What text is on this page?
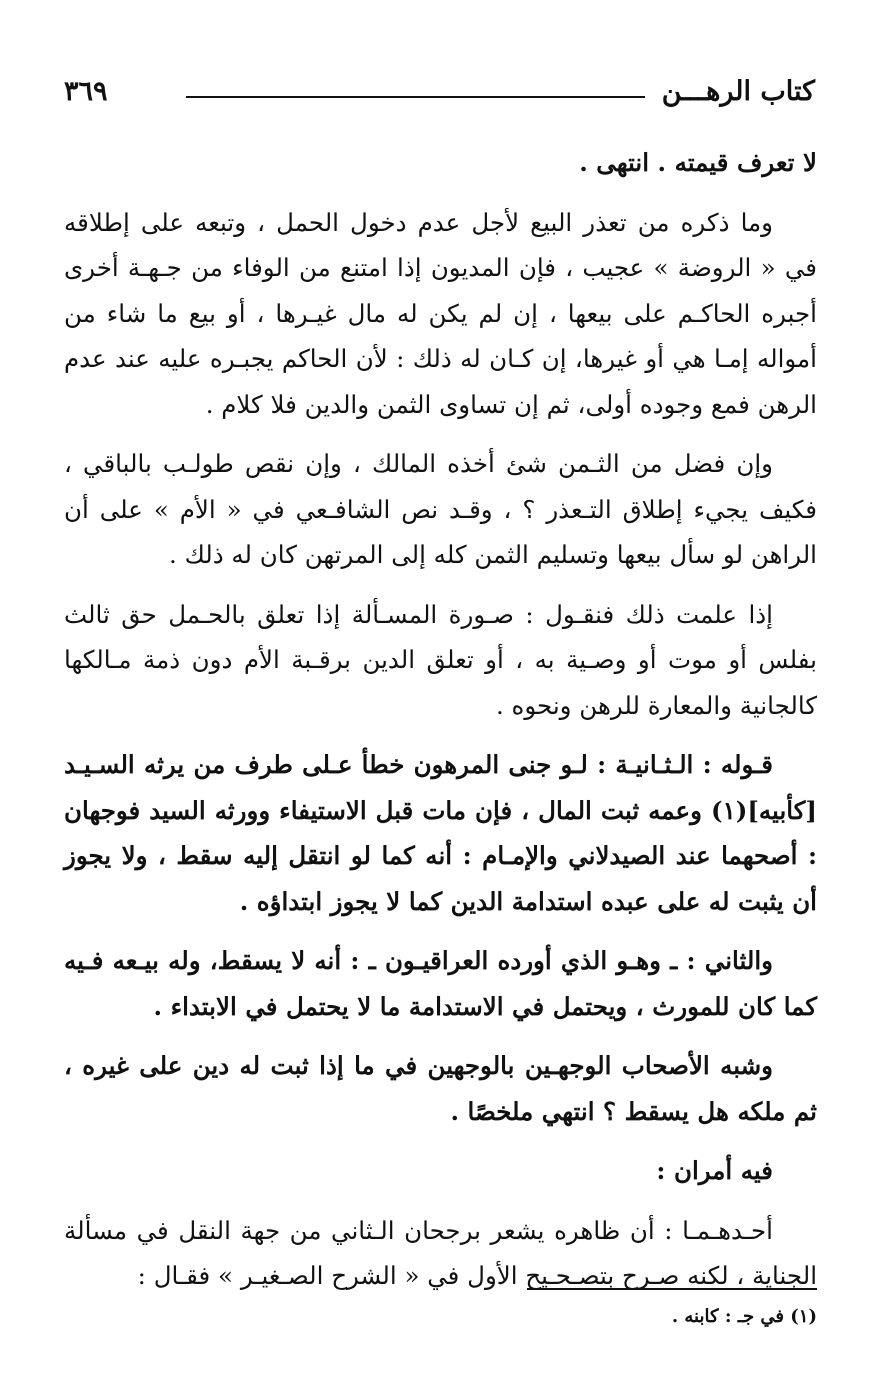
كتاب الرهـــن
٣٦٩

لا تعرف قيمته . انتهى .

وما ذكره من تعذر البيع لأجل عدم دخول الحمل ، وتبعه على إطلاقه في « الروضة » عجيب ، فإن المديون إذا امتنع من الوفاء من جـهـة أخرى أجبره الحاكـم على بيعها ، إن لم يكن له مال غيـرها ، أو بيع ما شاء من أمواله إمـا هي أو غيرها، إن كـان له ذلك : لأن الحاكم يجبـره عليه عند عدم الرهن فمع وجوده أولى، ثم إن تساوى الثمن والدين فلا كلام .

وإن فضل من الثـمن شئ أخذه المالك ، وإن نقص طولـب بالباقي ، فكيف يجيء إطلاق التـعذر ؟ ، وقـد نص الشافـعي في « الأم » على أن الراهن لو سأل بيعها وتسليم الثمن كله إلى المرتهن كان له ذلك .

إذا علمت ذلك فنقـول : صـورة المسـألة إذا تعلق بالحـمل حق ثالث بفلس أو موت أو وصـية به ، أو تعلق الدين برقـبة الأم دون ذمة مـالكها كالجانية والمعارة للرهن ونحوه .

قـوله : الـثـانيـة : لـو جنى المرهون خطأ عـلى طرف من يرثه السـيـد [كأبيه](١) وعمه ثبت المال ، فإن مات قبل الاستيفاء وورثه السيد فوجهان : أصحهما عند الصيدلاني والإمـام : أنه كما لو انتقل إليه سقط ، ولا يجوز أن يثبت له على عبده استدامة الدين كما لا يجوز ابتداؤه .

والثاني : ـ وهـو الذي أورده العراقيـون ـ : أنه لا يسقط، وله بيـعه فـيه كما كان للمورث ، ويحتمل في الاستدامة ما لا يحتمل في الابتداء .

وشبه الأصحاب الوجهـين بالوجهين في ما إذا ثبت له دين على غيره ، ثم ملكه هل يسقط ؟ انتهي ملخصًا .

فيه أمران :

أحـدهـمـا : أن ظاهره يشعر برجحان الـثاني من جهة النقل في مسألة الجناية ، لكنه صـرح بتصـحـيح الأول في « الشرح الصـغيـر » فقـال :

(١) في جـ : كابنه .
